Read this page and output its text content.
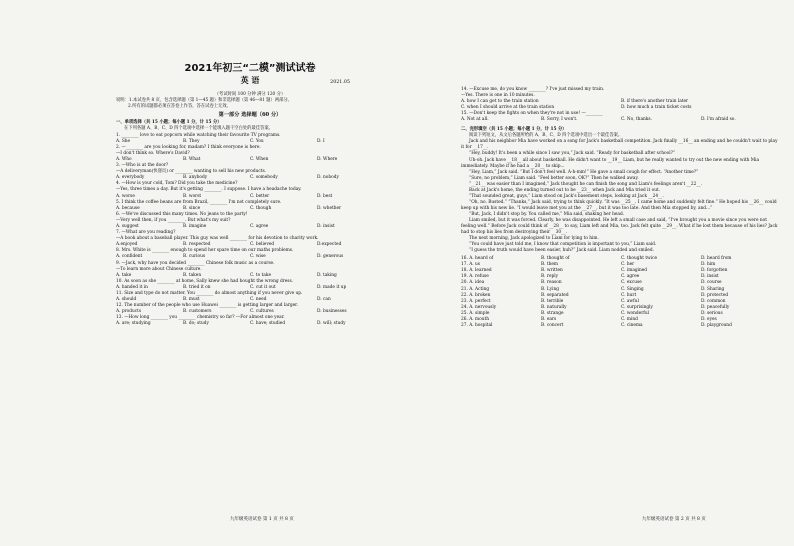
2021年初三“二模”测试试卷
英 语	2021.05
（考试时间 100 分钟 满分 120 分）
说明：1.本试卷共 8 页，包含选择题（第 1—45 题）和非选择题（第 46—81 题）两部分。
2.所有的试题都必须在答卷上作答，答在试卷上无效。
第一部分 选择题（60 分）
一、单项选择（共 15 小题；每小题 1 分，计 15 分）
在下列各题 A、B、C、D 四个选项中选择一个能填入题干空白处的最佳答案。
1. ________ love to eat popcorn while watching their favourite TV programs.
A. She	B. They	C. You	D. I
2. —________ are you looking for, madam? I think everyone is here.
—I don't think so. Where's David?
A. Who	B. What	C. When	D. Where
3. —Who is at the door?
—A deliveryman(快递员) or ________ wanting to sell his new products.
A. everybody	B. anybody	C. somebody	D. nobody
4. —How is your cold, Tom? Did you take the medicine?
—Yes, three times a day. But it's getting ________. I suppose. I have a headache today.
A. worse	B. worst	C. better	D. best
5. I think the coffee beans are from Brazil, ________ I'm not completely sure.
A. because	B. since	C. though	D. whether
6. —We've discussed this many times. No jeans to the party!
—Very well then, if you ________. But what's my suit?
A. suggest	B. imagine	C. agree	D. insist
7. —What are you reading?
—A book about a baseball player. This guy was well ________ for his devotion to charity work.
A.enjoyed	B. respected	C. believed	D.expected
8. Mrs. White is ________ enough to spend her spare time on our maths problems.
A. confident	B. curious	C. wise	D. generous
9. —Jack, why have you decided ________ Chinese folk music as a course.
—To learn more about Chinese culture.
A. take	B. taken	C. to take	D. taking
10. As soon as she ________ at home, Sally knew she had bought the wrong dress.
A. handed it in	B. tried it on	C. cut it out	D. made it up
11. Size and type do not matter. You ________ do almost anything if you never give up.
A. should	B. must	C. need	D. can
12. The number of the people who use Huawei ________ is getting larger and larger.
A. products	B. customers	C. cultures	D. businesses
13. —How long ________ you ________ chemistry so far? —For almost one year.
A. are; studying	B. do; study	C. have; studied	D. will; study
九年级英语试卷 第 1 页 共 8 页
14. —Excuse me, do you know ________? I've just missed my train.
—Yes. There is one in 10 minutes.
A. how I can get to the train station	B. if there's another train later
C. when I should arrive at the train station	D. how much a train ticket costs
15. —Don't keep the fights on when they're not in use! —________
A. Not at all.	B. Sorry, I won't.	C. No, thanks.	D. I'm afraid so.
二、完形填空（共 15 小题；每小题 1 分，计 15 分）
阅读下列短文，从文后各题所给的 A、B、C、D 四个选项中选出一个最佳答案。
Jack and his neighbor Mia have worked on a song for Jack's basketball competition. Jack finally __16__ an ending and he couldn't wait to play it for __17__.
“Hey, buddy! It's been a while since I saw you,” Jack said. “Ready for basketball after school?”
Uh-oh. Jack have __18__ all about basketball. He didn't want to __19__ Liam, but he really wanted to try out the new ending with Mia immediately. Maybe if he had a __20__ to skip...
“Hey, Liam,” Jack said. “But I don't feel well. A-h-mm!” He gave a small cough for effect. “Another time?”
“Sure, no problem,” Liam said. “Feel better soon, OK?” Then he walked away.
“__21__ was easier than I imagined,” Jack thought he can finish the song and Liam's feelings aren't __22__.
Back at Jack's home, the ending turned out to be __23__ when Jack and Mia tried it out.
“That sounded great, guys,” Liam stood on Jack's basement steps, looking at Jack __24__.
“Oh, no. Busted.” “Thanks,” Jack said, trying to think quickly. “It was __25__. I came home and suddenly felt fine.” He hoped his __26__ could keep up with his new lie. “I would leave met you at the __27__, but it was too late. And then Mia stopped by, and...”
“But, Jack, I didn't stop by. You called me,” Mia said, shaking her head.
Liam smiled, but it was forced. Clearly, he was disappointed. He left a small case and said, “I've brought you a movie since you were not feeling well.” Before Jack could think of __28__ to say, Liam left and Mia, too. Jack felt quite __29__. What if he lost them because of his lies? Jack had to stop his lies from destroying their __30__.
The next morning, Jack apologized to Liam for lying to him.
“You could have just told me, I know that competition is important to you,” Liam said.
“I guess the truth would have been easier, huh?” Jack said. Liam nodded and smiled.
16. A. heard of	B. thought of	C. thought twice	D. heard from
17. A. us	B. them	C. her	D. him
18. A. learned	B. written	C. imagined	D. forgotten
19. A. refuse	B. reply	C. agree	D. insist
20. A. idea	B. reason	C. excuse	D. course
21. A. Acting	B. Lying	C. Singing	D. Sharing
22. A. broken	B. separated	C. hurt	D. protected
23. A. perfect	B. terrible	C. awful	D. common
24. A. nervously	B. naturally	C. surprisingly	D. peacefully
25. A. simple	B. strange	C. wonderful	D. serious
26. A. mouth	B. ears	C. mind	D. eyes
27. A. hospital	B. concert	C. cinema	D. playground
九年级英语试卷 第 2 页 共 8 页
